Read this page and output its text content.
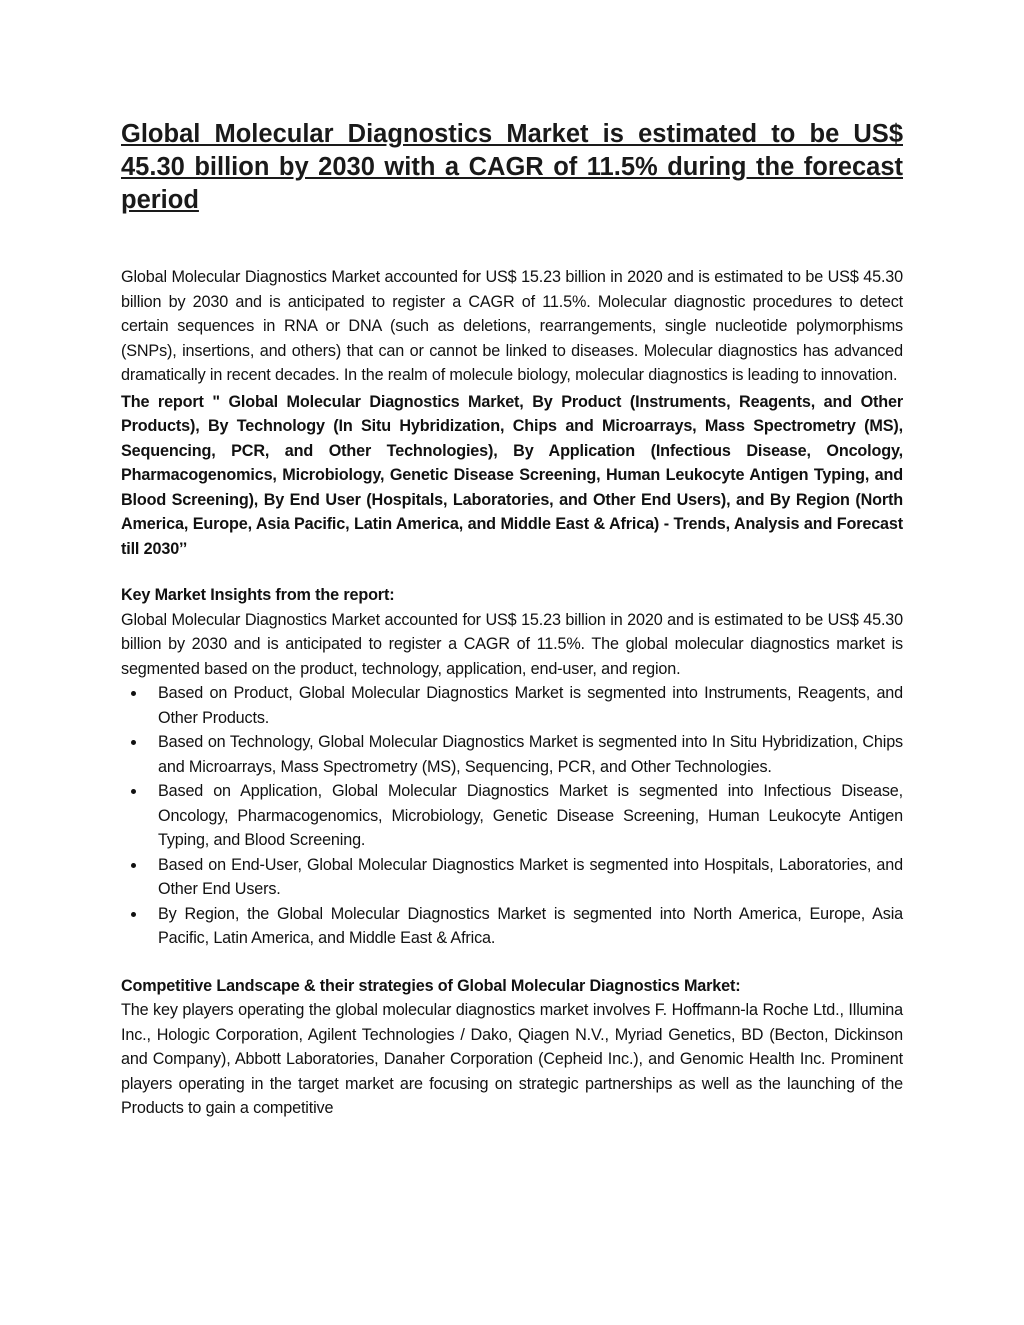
Global Molecular Diagnostics Market is estimated to be US$ 45.30 billion by 2030 with a CAGR of 11.5% during the forecast period

Global Molecular Diagnostics Market accounted for US$ 15.23 billion in 2020 and is estimated to be US$ 45.30 billion by 2030 and is anticipated to register a CAGR of 11.5%. Molecular diagnostic procedures to detect certain sequences in RNA or DNA (such as deletions, rearrangements, single nucleotide polymorphisms (SNPs), insertions, and others) that can or cannot be linked to diseases. Molecular diagnostics has advanced dramatically in recent decades. In the realm of molecule biology, molecular diagnostics is leading to innovation.

The report " Global Molecular Diagnostics Market, By Product (Instruments, Reagents, and Other Products), By Technology (In Situ Hybridization, Chips and Microarrays, Mass Spectrometry (MS), Sequencing, PCR, and Other Technologies), By Application (Infectious Disease, Oncology, Pharmacogenomics, Microbiology, Genetic Disease Screening, Human Leukocyte Antigen Typing, and Blood Screening), By End User (Hospitals, Laboratories, and Other End Users), and By Region (North America, Europe, Asia Pacific, Latin America, and Middle East & Africa) - Trends, Analysis and Forecast till 2030’’

Key Market Insights from the report:

Global Molecular Diagnostics Market accounted for US$ 15.23 billion in 2020 and is estimated to be US$ 45.30 billion by 2030 and is anticipated to register a CAGR of 11.5%. The global molecular diagnostics market is segmented based on the product, technology, application, end-user, and region.

Based on Product, Global Molecular Diagnostics Market is segmented into Instruments, Reagents, and Other Products.
Based on Technology, Global Molecular Diagnostics Market is segmented into In Situ Hybridization, Chips and Microarrays, Mass Spectrometry (MS), Sequencing, PCR, and Other Technologies.
Based on Application, Global Molecular Diagnostics Market is segmented into Infectious Disease, Oncology, Pharmacogenomics, Microbiology, Genetic Disease Screening, Human Leukocyte Antigen Typing, and Blood Screening.
Based on End-User, Global Molecular Diagnostics Market is segmented into Hospitals, Laboratories, and Other End Users.
By Region, the Global Molecular Diagnostics Market is segmented into North America, Europe, Asia Pacific, Latin America, and Middle East & Africa.
Competitive Landscape & their strategies of Global Molecular Diagnostics Market:

The key players operating the global molecular diagnostics market involves F. Hoffmann-la Roche Ltd., Illumina Inc., Hologic Corporation, Agilent Technologies / Dako, Qiagen N.V., Myriad Genetics, BD (Becton, Dickinson and Company), Abbott Laboratories, Danaher Corporation (Cepheid Inc.), and Genomic Health Inc. Prominent players operating in the target market are focusing on strategic partnerships as well as the launching of the Products to gain a competitive
